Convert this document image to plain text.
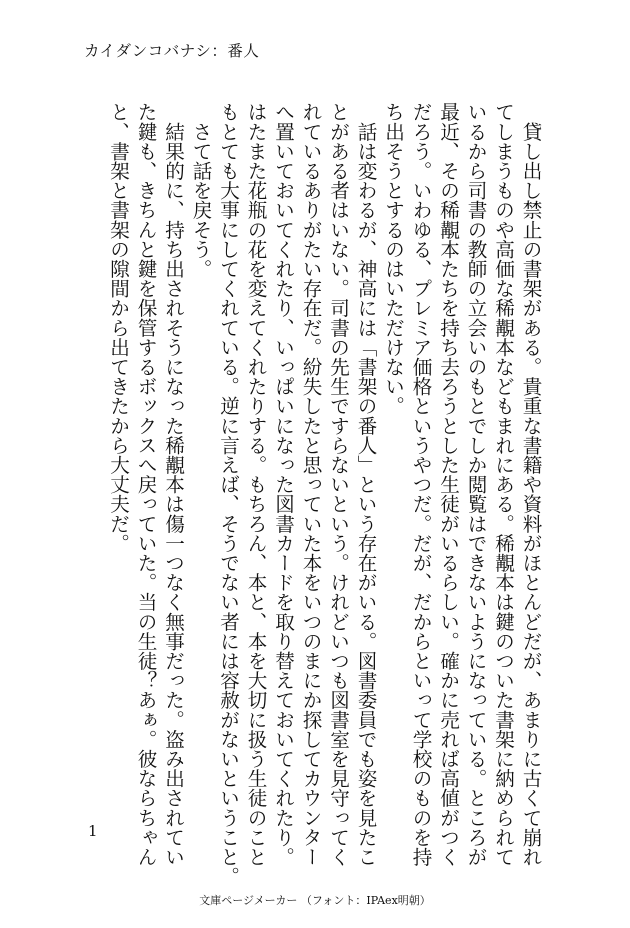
カイダンコバナシ：番人

　貸し出し禁止の書架がある。貴重な書籍や資料がほとんどだが、あまりに古くて崩れ

てしまうものや高価な稀覯本などもまれにある。稀覯本は鍵のついた書架に納められて

いるから司書の教師の立会いのもとでしか閲覧はできないようになっている。ところが

最近、その稀覯本たちを持ち去ろうとした生徒がいるらしい。確かに売れば高値がつく

だろう。いわゆる、プレミア価格というやつだ。だが、だからといって学校のものを持

ち出そうとするのはいただけない。

　話は変わるが、神高には「書架の番人」という存在がいる。図書委員でも姿を見たこ

とがある者はいない。司書の先生ですらないという。けれどいつも図書室を見守ってく

れているありがたい存在だ。紛失したと思っていた本をいつのまにか探してカウンター

へ置いておいてくれたり、いっぱいになった図書カードを取り替えておいてくれたり。

はたまた花瓶の花を変えてくれたりする。もちろん、本と、本を大切に扱う生徒のこと

もとても大事にしてくれている。逆に言えば、そうでない者には容赦がないということ。

　さて話を戻そう。

　結果的に、持ち出されそうになった稀覯本は傷一つなく無事だった。盗み出されてい

た鍵も、きちんと鍵を保管するボックスへ戻っていた。当の生徒？あぁ。彼ならちゃん

と、書架と書架の隙間から出てきたから大丈夫だ。

1
文庫ページメーカー （フォント：IPAex明朝）
